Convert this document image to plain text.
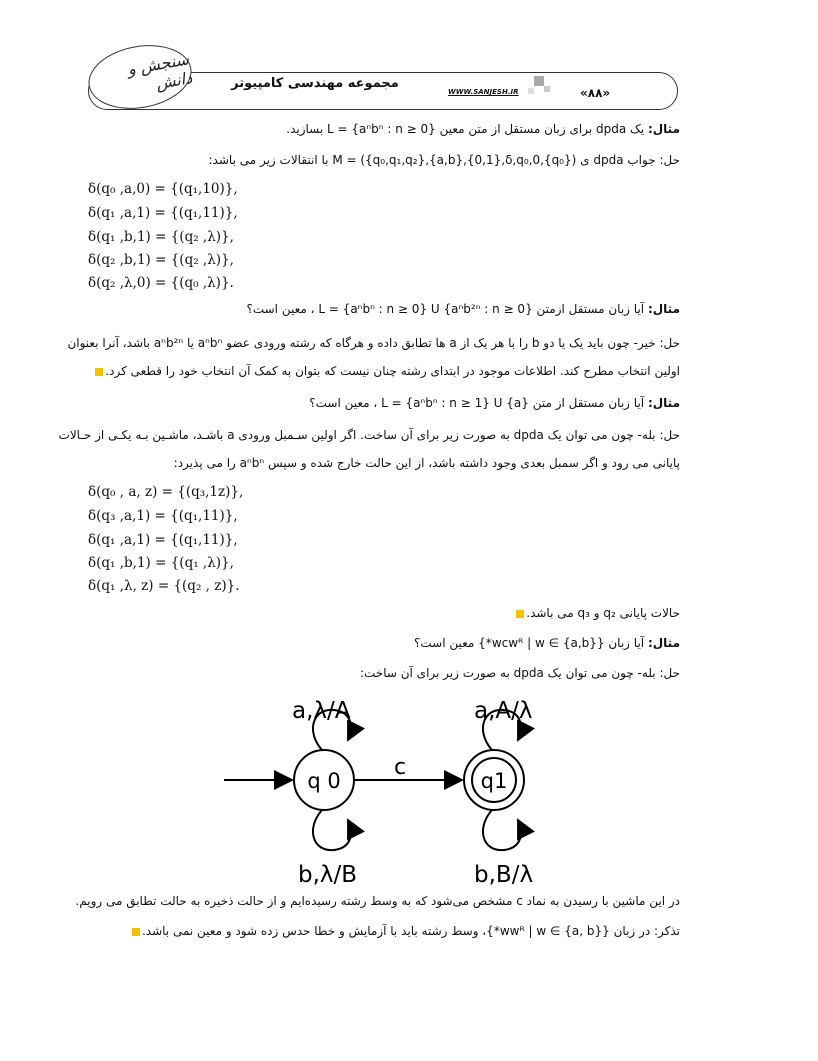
سنجش و دانش	مجموعه مهندسی کامپیوتر
WWW.SANJESH.IR	«۸۸»
مثال: یک dpda برای زبان مستقل از متن معین L = {aⁿbⁿ : n ≥ 0} بسازید.
حل: جواب dpda ی M = ({q₀,q₁,q₂},{a,b},{0,1},δ,q₀,0,{q₀}) با انتقالات زیر می باشد:
δ(q₀ ,a,0) = {(q₁,10)},
δ(q₁ ,a,1) = {(q₁,11)},
δ(q₁ ,b,1) = {(q₂ ,λ)},
δ(q₂ ,b,1) = {(q₂ ,λ)},
δ(q₂ ,λ,0) = {(q₀ ,λ)}.
مثال: آیا زبان مستقل ازمتن L = {aⁿbⁿ : n ≥ 0} U {aⁿb²ⁿ : n ≥ 0} ، معین است؟
حل: خیر- چون باید یک یا دو b را با هر یک از a ها تطابق داده و هرگاه که رشته ورودی عضو aⁿbⁿ یا aⁿb²ⁿ باشد، آنرا بعنوان
اولین انتخاب مطرح کند. اطلاعات موجود در ابتدای رشته چنان نیست که بتوان به کمک آن انتخاب خود را قطعی کرد.
مثال: آیا زبان مستقل از متن L = {aⁿbⁿ : n ≥ 1} U {a} ، معین است؟
حل: بله- چون می توان یک dpda به صورت زیر برای آن ساخت. اگر اولین سـمبل ورودی a باشـد، ماشـین بـه یکـی از حـالات
پایانی می رود و اگر سمبل بعدی وجود داشته باشد، از این حالت خارج شده و سپس aⁿbⁿ را می پذیرد:
δ(q₀ , a, z) = {(q₃,1z)},
δ(q₃ ,a,1) = {(q₁,11)},
δ(q₁ ,a,1) = {(q₁,11)},
δ(q₁ ,b,1) = {(q₁ ,λ)},
δ(q₁ ,λ, z) = {(q₂ , z)}.
حالات پایانی q₂ و q₃ می باشد.
مثال: آیا زبان {wcwᴿ | w ∈ {a,b}*} معین است؟
حل: بله- چون می توان یک dpda به صورت زیر برای آن ساخت:
q 0	q1
c
a,λ/A
b,λ/B
a,A/λ
b,B/λ
در این ماشین با رسیدن به نماد c مشخص می‌شود که به وسط رشته رسیده‌ایم و از حالت ذخیره به حالت تطابق می رویم.
تذکر: در زبان {wwᴿ | w ∈ {a, b}*}، وسط رشته باید با آزمایش و خطا حدس زده شود و معین نمی باشد.
